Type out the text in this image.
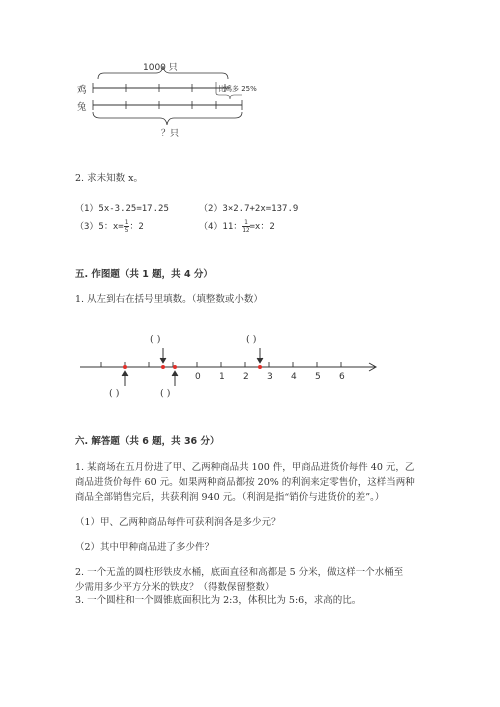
1000 只
鸡
兔
比鸡多 25%
？只
2. 求未知数 x。
（1）5x-3.25=17.25	（2）3×2.7+2x=137.9
（3）5：$x= \frac{1}{5}$ ：2	（4）11： $\frac{1}{12} =x$：2
五. 作图题（共 1 题，共 4 分）
1. 从左到右在括号里填数。（填整数或小数）
0 1 2 3 4 5 6
( )	( )
( )	( )
六. 解答题（共 6 题，共 36 分）
1. 某商场在五月份进了甲、乙两种商品共 100 件，甲商品进货价每件 40 元，乙
商品进货价每件 60 元。如果两种商品都按 20% 的利润来定零售价，这样当两种
商品全部销售完后，共获利润 940 元。（利润是指“销价与进货价的差”。）
（1）甲、乙两种商品每件可获利润各是多少元？
（2）其中甲种商品进了多少件？
2. 一个无盖的圆柱形铁皮水桶，底面直径和高都是 5 分米，做这样一个水桶至
少需用多少平方分米的铁皮？（得数保留整数）
3. 一个圆柱和一个圆锥底面积比为 2:3，体积比为 5:6，求高的比。
